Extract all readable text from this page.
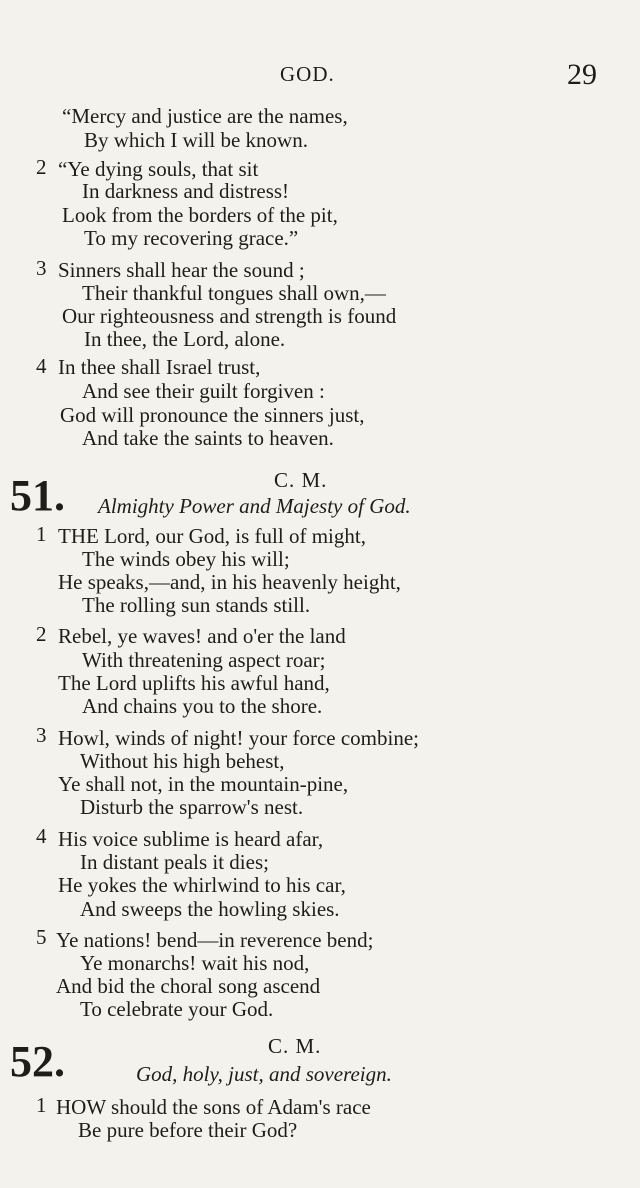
GOD.	29
“Mercy and justice are the names,
By which I will be known.
2 “Ye dying souls, that sit
In darkness and distress!
Look from the borders of the pit,
To my recovering grace.”
3 Sinners shall hear the sound ;
Their thankful tongues shall own,—
Our righteousness and strength is found
In thee, the Lord, alone.
4 In thee shall Israel trust,
And see their guilt forgiven :
God will pronounce the sinners just,
And take the saints to heaven.
51.	C. M.
Almighty Power and Majesty of God.
1 THE Lord, our God, is full of might,
The winds obey his will;
He speaks,—and, in his heavenly height,
The rolling sun stands still.
2 Rebel, ye waves! and o'er the land
With threatening aspect roar;
The Lord uplifts his awful hand,
And chains you to the shore.
3 Howl, winds of night! your force combine;
Without his high behest,
Ye shall not, in the mountain-pine,
Disturb the sparrow's nest.
4 His voice sublime is heard afar,
In distant peals it dies;
He yokes the whirlwind to his car,
And sweeps the howling skies.
5 Ye nations! bend—in reverence bend;
Ye monarchs! wait his nod,
And bid the choral song ascend
To celebrate your God.
52.	C. M.
God, holy, just, and sovereign.
1 HOW should the sons of Adam's race
Be pure before their God?
